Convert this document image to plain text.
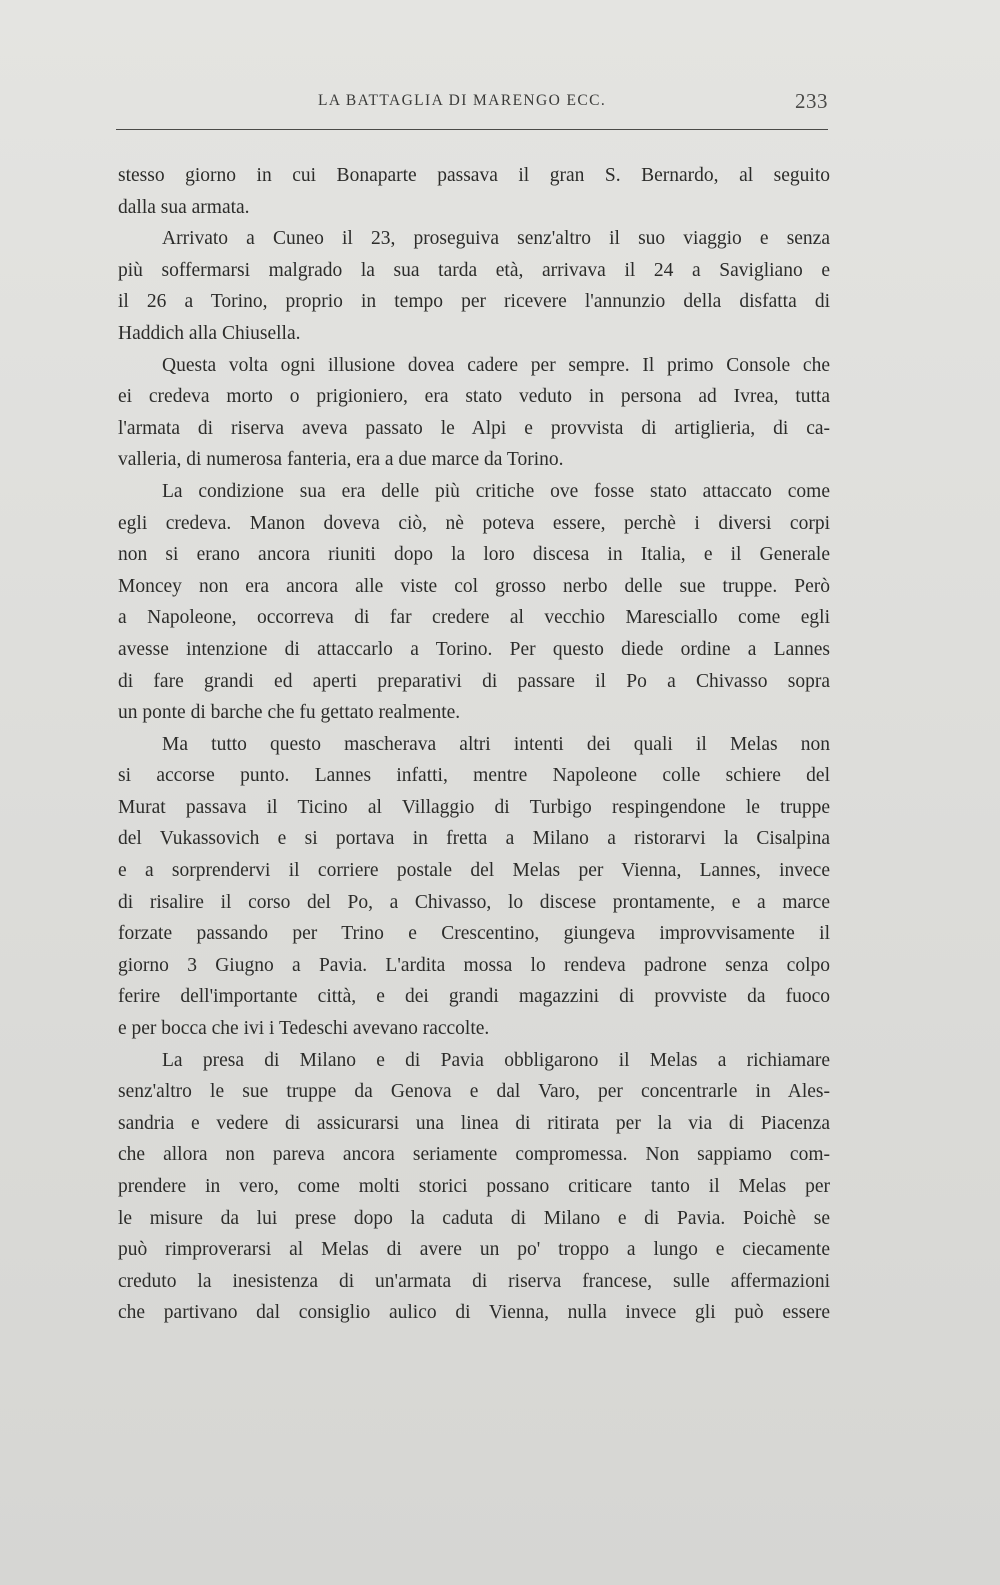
LA BATTAGLIA DI MARENGO ECC.	233
stesso giorno in cui Bonaparte passava il gran S. Bernardo, al seguito
dalla sua armata.
Arrivato a Cuneo il 23, proseguiva senz'altro il suo viaggio e senza
più soffermarsi malgrado la sua tarda età, arrivava il 24 a Savigliano e
il 26 a Torino, proprio in tempo per ricevere l'annunzio della disfatta di
Haddich alla Chiusella.
Questa volta ogni illusione dovea cadere per sempre. Il primo Console che
ei credeva morto o prigioniero, era stato veduto in persona ad Ivrea, tutta
l'armata di riserva aveva passato le Alpi e provvista di artiglieria, di ca-
valleria, di numerosa fanteria, era a due marce da Torino.
La condizione sua era delle più critiche ove fosse stato attaccato come
egli credeva. Manon doveva ciò, nè poteva essere, perchè i diversi corpi
non si erano ancora riuniti dopo la loro discesa in Italia, e il Generale
Moncey non era ancora alle viste col grosso nerbo delle sue truppe. Però
a Napoleone, occorreva di far credere al vecchio Maresciallo come egli
avesse intenzione di attaccarlo a Torino. Per questo diede ordine a Lannes
di fare grandi ed aperti preparativi di passare il Po a Chivasso sopra
un ponte di barche che fu gettato realmente.
Ma tutto questo mascherava altri intenti dei quali il Melas non
si accorse punto. Lannes infatti, mentre Napoleone colle schiere del
Murat passava il Ticino al Villaggio di Turbigo respingendone le truppe
del Vukassovich e si portava in fretta a Milano a ristorarvi la Cisalpina
e a sorprendervi il corriere postale del Melas per Vienna, Lannes, invece
di risalire il corso del Po, a Chivasso, lo discese prontamente, e a marce
forzate passando per Trino e Crescentino, giungeva improvvisamente il
giorno 3 Giugno a Pavia. L'ardita mossa lo rendeva padrone senza colpo
ferire dell'importante città, e dei grandi magazzini di provviste da fuoco
e per bocca che ivi i Tedeschi avevano raccolte.
La presa di Milano e di Pavia obbligarono il Melas a richiamare
senz'altro le sue truppe da Genova e dal Varo, per concentrarle in Ales-
sandria e vedere di assicurarsi una linea di ritirata per la via di Piacenza
che allora non pareva ancora seriamente compromessa. Non sappiamo com-
prendere in vero, come molti storici possano criticare tanto il Melas per
le misure da lui prese dopo la caduta di Milano e di Pavia. Poichè se
può rimproverarsi al Melas di avere un po' troppo a lungo e ciecamente
creduto la inesistenza di un'armata di riserva francese, sulle affermazioni
che partivano dal consiglio aulico di Vienna, nulla invece gli può essere
